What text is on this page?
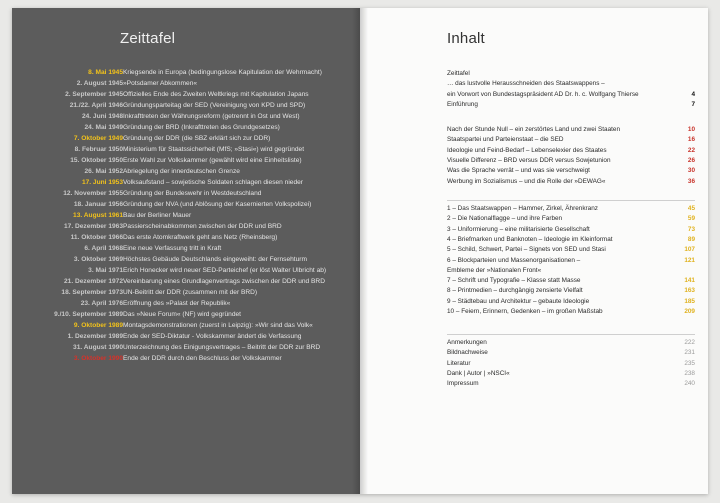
Zeittafel
8. Mai 1945 Kriegsende in Europa (bedingungslose Kapitulation der Wehrmacht)
2. August 1945 »Potsdamer Abkommen«
2. September 1945 Offizielles Ende des Zweiten Weltkriegs mit Kapitulation Japans
21./22. April 1946 Gründungsparteitag der SED (Vereinigung von KPD und SPD)
24. Juni 1948 Inkrafttreten der Währungsreform (getrennt in Ost und West)
24. Mai 1949 Gründung der BRD (Inkrafttreten des Grundgesetzes)
7. Oktober 1949 Gründung der DDR (die SBZ erklärt sich zur DDR)
8. Februar 1950 Ministerium für Staatssicherheit (MfS; »Stasi«) wird gegründet
15. Oktober 1950 Erste Wahl zur Volkskammer (gewählt wird eine Einheitsliste)
26. Mai 1952 Abriegelung der innerdeutschen Grenze
17. Juni 1953 Volksaufstand – sowjetische Soldaten schlagen diesen nieder
12. November 1955 Gründung der Bundeswehr in Westdeutschland
18. Januar 1956 Gründung der NVA (und Ablösung der Kasernierten Volkspolizei)
13. August 1961 Bau der Berliner Mauer
17. Dezember 1963 Passierscheinabkommen zwischen der DDR und BRD
11. Oktober 1966 Das erste Atomkraftwerk geht ans Netz (Rheinsberg)
6. April 1968 Eine neue Verfassung tritt in Kraft
3. Oktober 1969 Höchstes Gebäude Deutschlands eingeweiht: der Fernsehturm
3. Mai 1971 Erich Honecker wird neuer SED-Parteichef (er löst Walter Ulbricht ab)
21. Dezember 1972 Vereinbarung eines Grundlagenvertrags zwischen der DDR und BRD
18. September 1973 UN-Beitritt der DDR (zusammen mit der BRD)
23. April 1976 Eröffnung des »Palast der Republik«
9./10. September 1989 Das »Neue Forum« (NF) wird gegründet
9. Oktober 1989 Montagsdemonstrationen (zuerst in Leipzig): »Wir sind das Volk«
1. Dezember 1989 Ende der SED-Diktatur - Volkskammer ändert die Verfassung
31. August 1990 Unterzeichnung des Einigungsvertrages – Beitritt der DDR zur BRD
3. Oktober 1990 Ende der DDR durch den Beschluss der Volkskammer
Inhalt
Zeittafel
… das lustvolle Herausschneiden des Staatswappens –
ein Vorwort von Bundestagspräsident AD Dr. h. c. Wolfgang Thierse	4
Einführung	7
Nach der Stunde Null – ein zerstörtes Land und zwei Staaten	10
Staatspartei und Parteienstaat – die SED	16
Ideologie und Feind-Bedarf – Lebenselexier des Staates	22
Visuelle Differenz – BRD versus DDR versus Sowjetunion	26
Was die Sprache verrät – und was sie verschweigt	30
Werbung im Sozialismus – und die Rolle der »DEWAG«	36
1 – Das Staatswappen – Hammer, Zirkel, Ährenkranz	45
2 – Die Nationalflagge – und ihre Farben	59
3 – Uniformierung – eine militarisierte Gesellschaft	73
4 – Briefmarken und Banknoten – Ideologie im Kleinformat	89
5 – Schild, Schwert, Partei – Signets von SED und Stasi	107
6 – Blockparteien und Massenorganisationen –	121
Embleme der »Nationalen Front«
7 – Schrift und Typografie – Klasse statt Masse	141
8 – Printmedien – durchgängig zensierte Vielfalt	163
9 – Städtebau und Architektur – gebaute Ideologie	185
10 – Feiern, Erinnern, Gedenken – im großen Maßstab	209
Anmerkungen	222
Bildnachweise	231
Literatur	235
Dank | Autor | »NSCI«	238
Impressum	240
